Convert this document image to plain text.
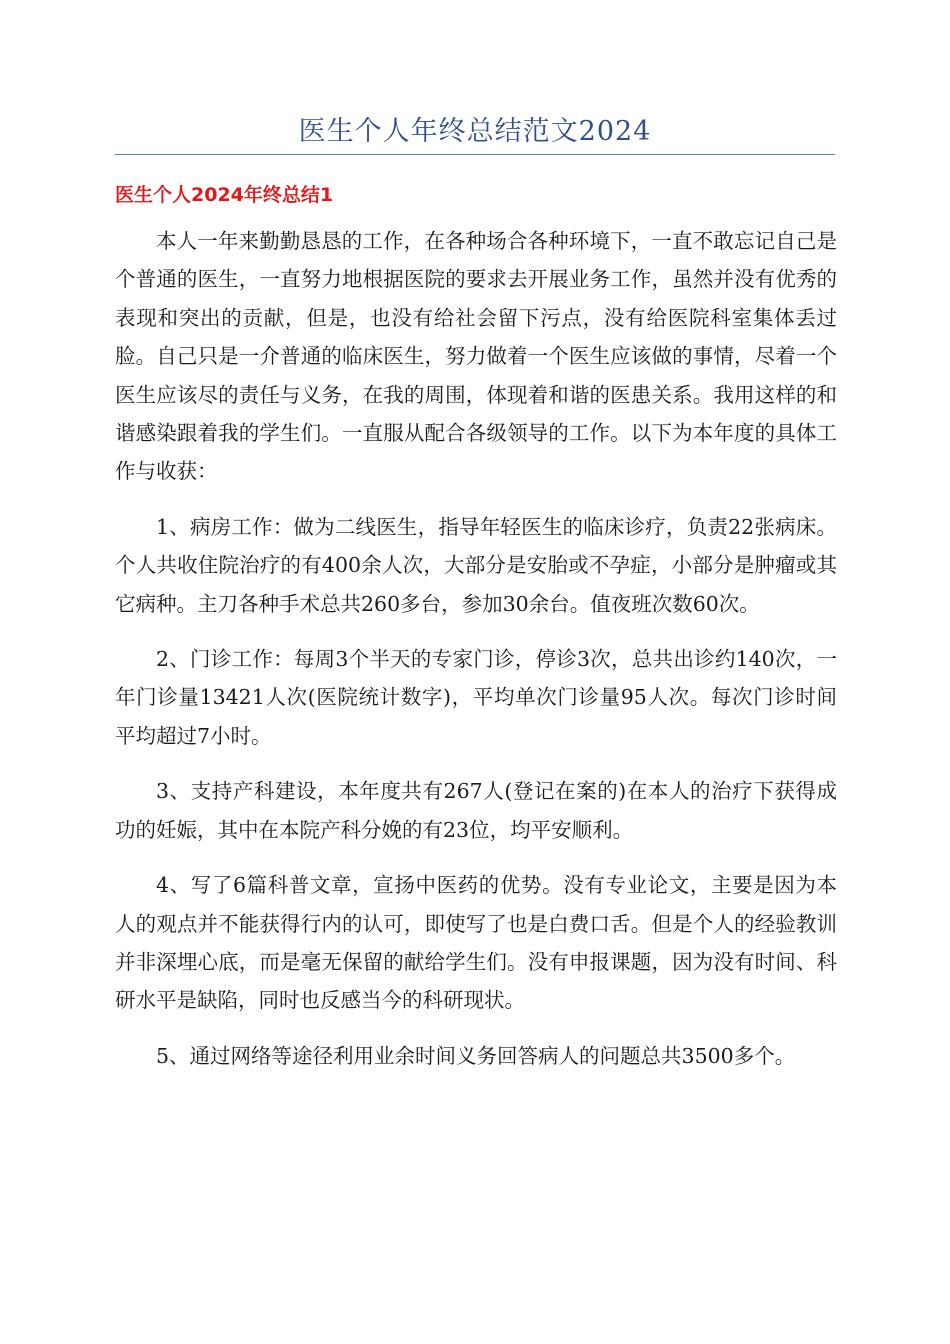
医生个人年终总结范文2024
医生个人2024年终总结1

本人一年来勤勤恳恳的工作，在各种场合各种环境下，一直不敢忘记自己是个普通的医生，一直努力地根据医院的要求去开展业务工作，虽然并没有优秀的表现和突出的贡献，但是，也没有给社会留下污点，没有给医院科室集体丢过脸。自己只是一介普通的临床医生，努力做着一个医生应该做的事情，尽着一个医生应该尽的责任与义务，在我的周围，体现着和谐的医患关系。我用这样的和谐感染跟着我的学生们。一直服从配合各级领导的工作。以下为本年度的具体工作与收获：

1、病房工作：做为二线医生，指导年轻医生的临床诊疗，负责22张病床。个人共收住院治疗的有400余人次，大部分是安胎或不孕症，小部分是肿瘤或其它病种。主刀各种手术总共260多台，参加30余台。值夜班次数60次。

2、门诊工作：每周3个半天的专家门诊，停诊3次，总共出诊约140次，一年门诊量13421人次(医院统计数字)，平均单次门诊量95人次。每次门诊时间平均超过7小时。

3、支持产科建设，本年度共有267人(登记在案的)在本人的治疗下获得成功的妊娠，其中在本院产科分娩的有23位，均平安顺利。

4、写了6篇科普文章，宣扬中医药的优势。没有专业论文，主要是因为本人的观点并不能获得行内的认可，即使写了也是白费口舌。但是个人的经验教训并非深埋心底，而是毫无保留的献给学生们。没有申报课题，因为没有时间、科研水平是缺陷，同时也反感当今的科研现状。

5、通过网络等途径利用业余时间义务回答病人的问题总共3500多个。
